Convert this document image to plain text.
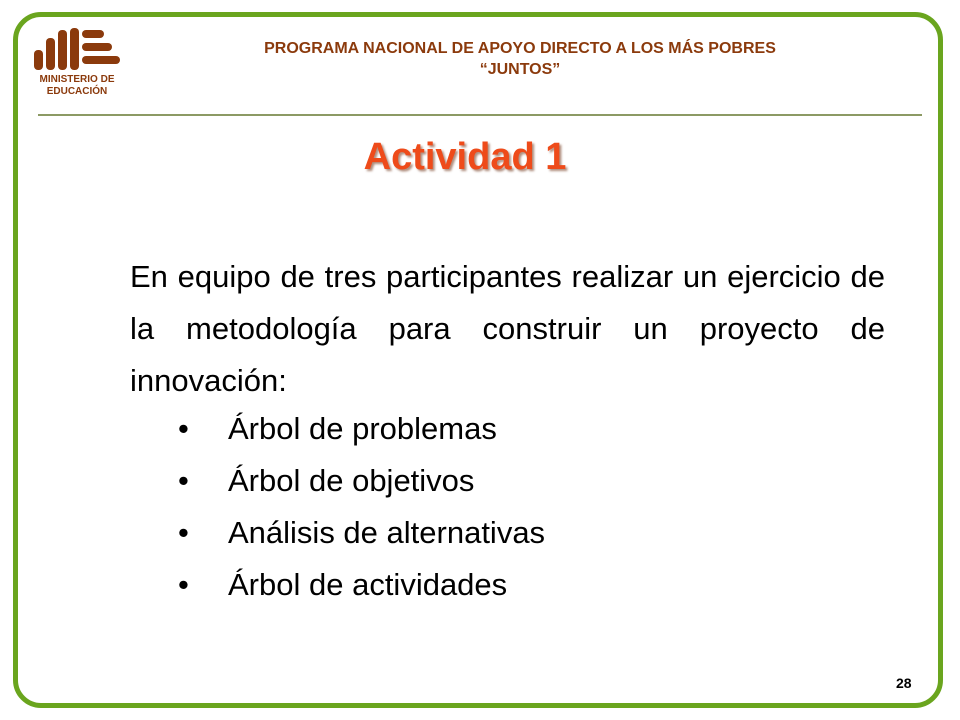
MINISTERIO DE
EDUCACIÓN
PROGRAMA NACIONAL DE APOYO DIRECTO A LOS MÁS POBRES
“JUNTOS”
Actividad 1
En equipo de tres participantes realizar un ejercicio de la metodología para construir un proyecto de innovación:
• Árbol de problemas
• Árbol de objetivos
• Análisis de alternativas
• Árbol de actividades
28
